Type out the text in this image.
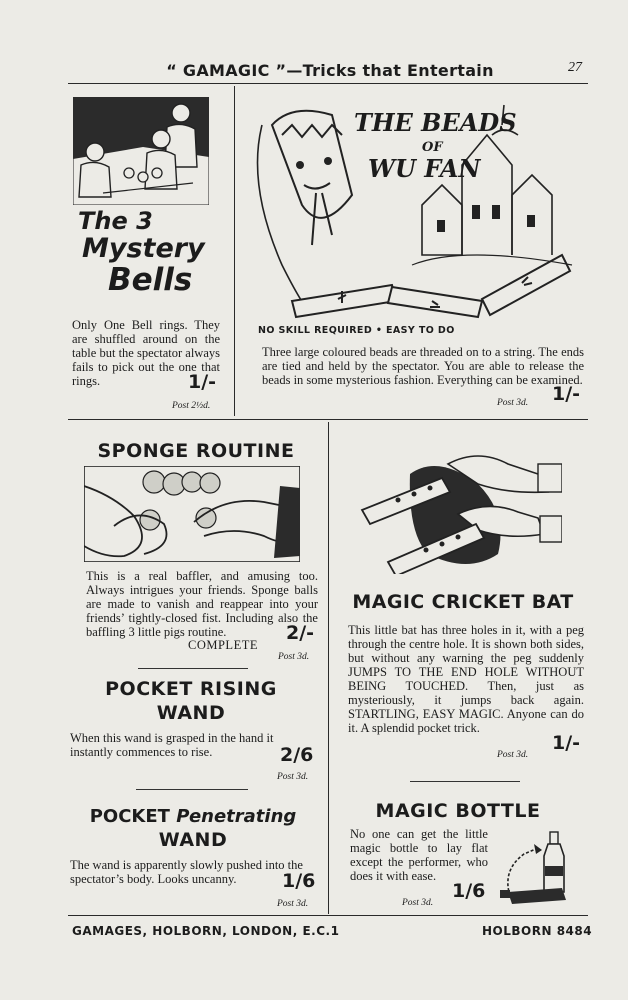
“ GAMAGIC ”—Tricks that Entertain	27
The 3
Mystery
Bells
Only One Bell rings. They are shuffled around on the table but the spectator always fails to pick out the one that rings.	1/-
Post 2½d.
THE BEADS
OF
WU FAN
NO SKILL REQUIRED • EASY TO DO
Three large coloured beads are threaded on to a string. The ends are tied and held by the spectator. You are able to release the beads in some mysterious fashion. Everything can be examined.
1/-
Post 3d.
SPONGE ROUTINE
This is a real baffler, and amusing too. Always intrigues your friends. Sponge balls are made to vanish and reappear into your friends’ tightly-closed fist. Including also the baffling 3 little pigs routine.
COMPLETE
2/-
Post 3d.
POCKET RISING
WAND
When this wand is grasped in the hand it instantly commences to rise.	2/6
Post 3d.
POCKET Penetrating
WAND
The wand is apparently slowly pushed into the spectator’s body. Looks uncanny.	1/6
Post 3d.
MAGIC CRICKET BAT
This little bat has three holes in it, with a peg through the centre hole. It is shown both sides, but without any warning the peg suddenly JUMPS TO THE END HOLE WITHOUT BEING TOUCHED. Then, just as mysteriously, it jumps back again. STARTLING, EASY MAGIC. Anyone can do it. A splendid pocket trick.
1/-
Post 3d.
MAGIC BOTTLE
No one can get the little magic bottle to lay flat except the performer, who does it with ease.
1/6
Post 3d.
GAMAGES, HOLBORN, LONDON, E.C.1	HOLBORN 8484
